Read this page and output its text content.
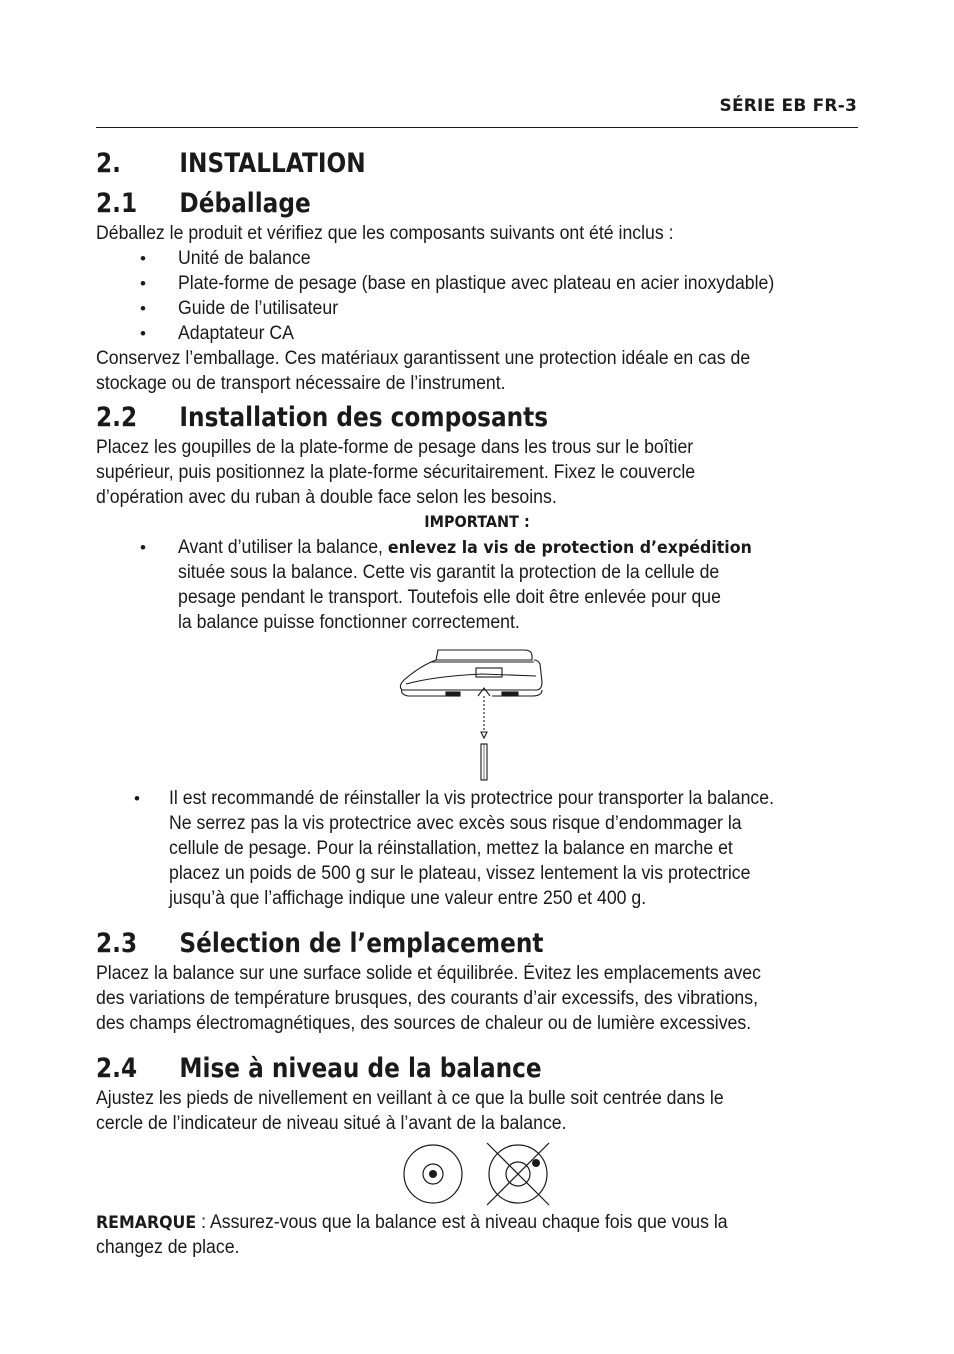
SÉRIE EB FR-3
2. INSTALLATION
2.1 Déballage

Déballez le produit et vérifiez que les composants suivants ont été inclus :

• Unité de balance
• Plate-forme de pesage (base en plastique avec plateau en acier inoxydable)
• Guide de l’utilisateur
• Adaptateur CA

Conservez l’emballage. Ces matériaux garantissent une protection idéale en cas de

stockage ou de transport nécessaire de l’instrument.

2.2 Installation des composants

Placez les goupilles de la plate-forme de pesage dans les trous sur le boîtier

supérieur, puis positionnez la plate-forme sécuritairement. Fixez le couvercle

d’opération avec du ruban à double face selon les besoins.

IMPORTANT :
• Avant d’utiliser la balance, enlevez la vis de protection d’expédition
située sous la balance. Cette vis garantit la protection de la cellule de
pesage pendant le transport. Toutefois elle doit être enlevée pour que
la balance puisse fonctionner correctement.
• Il est recommandé de réinstaller la vis protectrice pour transporter la balance.
Ne serrez pas la vis protectrice avec excès sous risque d’endommager la
cellule de pesage. Pour la réinstallation, mettez la balance en marche et
placez un poids de 500 g sur le plateau, vissez lentement la vis protectrice
jusqu’à que l’affichage indique une valeur entre 250 et 400 g.
2.3 Sélection de l’emplacement

Placez la balance sur une surface solide et équilibrée. Évitez les emplacements avec

des variations de température brusques, des courants d’air excessifs, des vibrations,

des champs électromagnétiques, des sources de chaleur ou de lumière excessives.

2.4 Mise à niveau de la balance

Ajustez les pieds de nivellement en veillant à ce que la bulle soit centrée dans le

cercle de l’indicateur de niveau situé à l’avant de la balance.

REMARQUE : Assurez-vous que la balance est à niveau chaque fois que vous la
changez de place.
